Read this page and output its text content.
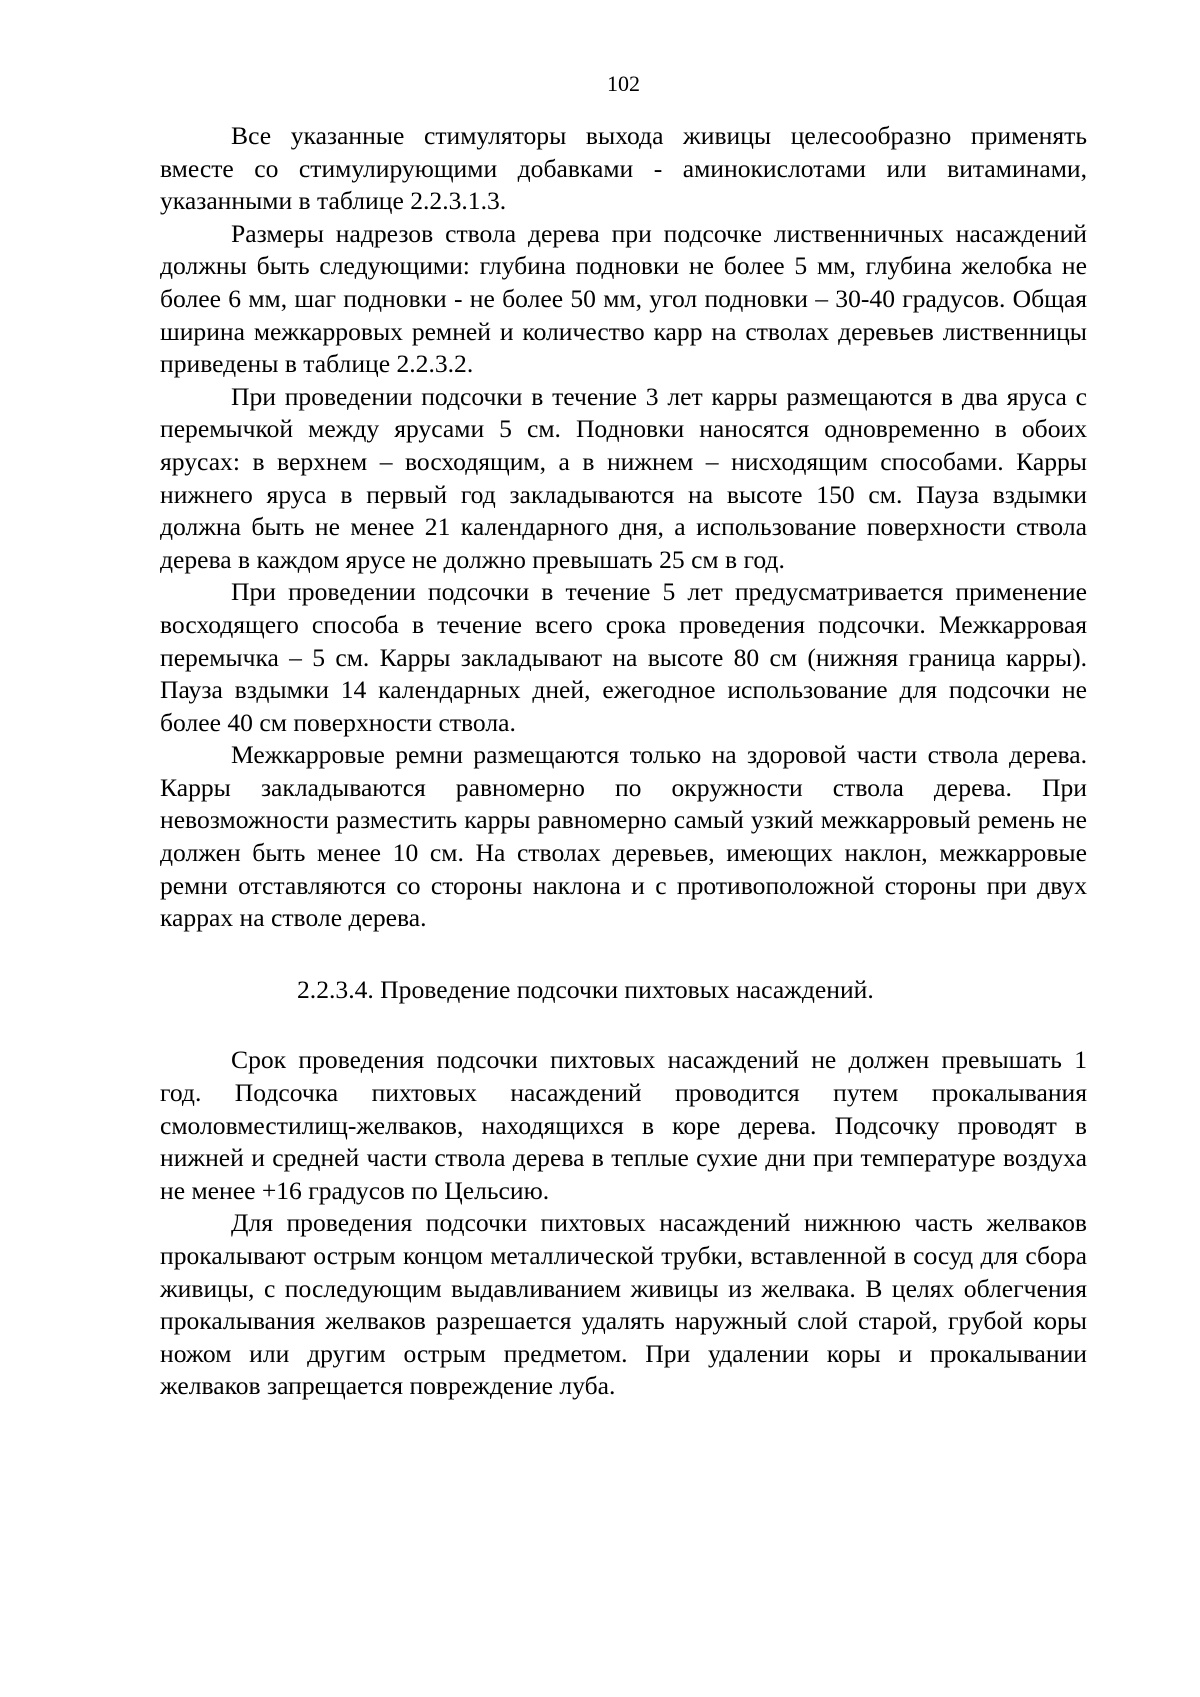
102

Все указанные стимуляторы выхода живицы целесообразно применять вместе со стимулирующими добавками - аминокислотами или витаминами, указанными в таблице 2.2.3.1.3.

Размеры надрезов ствола дерева при подсочке лиственничных насаждений должны быть следующими: глубина подновки не более 5 мм, глубина желобка не более 6 мм, шаг подновки - не более 50 мм, угол подновки – 30-40 градусов. Общая ширина межкарровых ремней и количество карр на стволах деревьев лиственницы приведены в таблице 2.2.3.2.

При проведении подсочки в течение 3 лет карры размещаются в два яруса с перемычкой между ярусами 5 см. Подновки наносятся одновременно в обоих ярусах: в верхнем – восходящим, а в нижнем – нисходящим способами. Карры нижнего яруса в первый год закладываются на высоте 150 см. Пауза вздымки должна быть не менее 21 календарного дня, а использование поверхности ствола дерева в каждом ярусе не должно превышать 25 см в год.

При проведении подсочки в течение 5 лет предусматривается применение восходящего способа в течение всего срока проведения подсочки. Межкарровая перемычка – 5 см. Карры закладывают на высоте 80 см (нижняя граница карры). Пауза вздымки 14 календарных дней, ежегодное использование для подсочки не более 40 см поверхности ствола.

Межкарровые ремни размещаются только на здоровой части ствола дерева. Карры закладываются равномерно по окружности ствола дерева. При невозможности разместить карры равномерно самый узкий межкарровый ремень не должен быть менее 10 см. На стволах деревьев, имеющих наклон, межкарровые ремни отставляются со стороны наклона и с противоположной стороны при двух каррах на стволе дерева.

2.2.3.4. Проведение подсочки пихтовых насаждений.

Срок проведения подсочки пихтовых насаждений не должен превышать 1 год. Подсочка пихтовых насаждений проводится путем прокалывания смоловместилищ-желваков, находящихся в коре дерева. Подсочку проводят в нижней и средней части ствола дерева в теплые сухие дни при температуре воздуха не менее +16 градусов по Цельсию.

Для проведения подсочки пихтовых насаждений нижнюю часть желваков прокалывают острым концом металлической трубки, вставленной в сосуд для сбора живицы, с последующим выдавливанием живицы из желвака. В целях облегчения прокалывания желваков разрешается удалять наружный слой старой, грубой коры ножом или другим острым предметом. При удалении коры и прокалывании желваков запрещается повреждение луба.
